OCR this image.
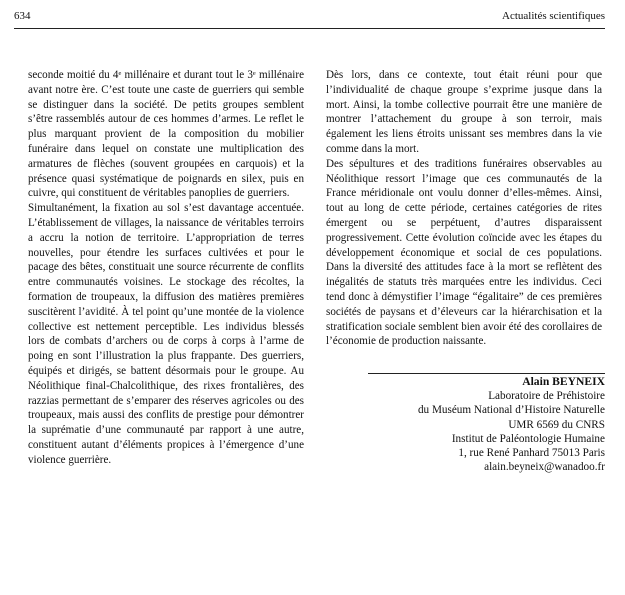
634	Actualités scientifiques

seconde moitié du 4ᵉ millénaire et durant tout le 3ᵉ millénaire avant notre ère. C’est toute une caste de guerriers qui semble se distinguer dans la société. De petits groupes semblent s’être rassemblés autour de ces hommes d’armes. Le reflet le plus marquant provient de la composition du mobilier funéraire dans lequel on constate une multiplication des armatures de flèches (souvent groupées en carquois) et la présence quasi systématique de poignards en silex, puis en cuivre, qui constituent de véritables panoplies de guerriers.

Simultanément, la fixation au sol s’est davantage accentuée. L’établissement de villages, la naissance de véritables terroirs a accru la notion de territoire. L’appropriation de terres nouvelles, pour étendre les surfaces cultivées et pour le pacage des bêtes, constituait une source récurrente de conflits entre communautés voisines. Le stockage des récoltes, la formation de troupeaux, la diffusion des matières premières suscitèrent l’avidité. À tel point qu’une montée de la violence collective est nettement perceptible. Les individus blessés lors de combats d’archers ou de corps à corps à l’arme de poing en sont l’illustration la plus frappante. Des guerriers, équipés et dirigés, se battent désormais pour le groupe. Au Néolithique final-Chalcolithique, des rixes frontalières, des razzias permettant de s’emparer des réserves agricoles ou des troupeaux, mais aussi des conflits de prestige pour démontrer la suprématie d’une communauté par rapport à une autre, constituent autant d’éléments propices à l’émergence d’une violence guerrière.

Dès lors, dans ce contexte, tout était réuni pour que l’individualité de chaque groupe s’exprime jusque dans la mort. Ainsi, la tombe collective pourrait être une manière de montrer l’attachement du groupe à son terroir, mais également les liens étroits unissant ses membres dans la vie comme dans la mort.

Des sépultures et des traditions funéraires observables au Néolithique ressort l’image que ces communautés de la France méridionale ont voulu donner d’elles-mêmes. Ainsi, tout au long de cette période, certaines catégories de rites émergent ou se perpétuent, d’autres disparaissent progressivement. Cette évolution coïncide avec les étapes du développement économique et social de ces populations. Dans la diversité des attitudes face à la mort se reflètent des inégalités de statuts très marquées entre les individus. Ceci tend donc à démystifier l’image “égalitaire” de ces premières sociétés de paysans et d’éleveurs car la hiérarchisation et la stratification sociale semblent bien avoir été des corollaires de l’économie de production naissante.

Alain BEYNEIX
Laboratoire de Préhistoire
du Muséum National d’Histoire Naturelle
UMR 6569 du CNRS
Institut de Paléontologie Humaine
1, rue René Panhard 75013 Paris
alain.beyneix@wanadoo.fr
